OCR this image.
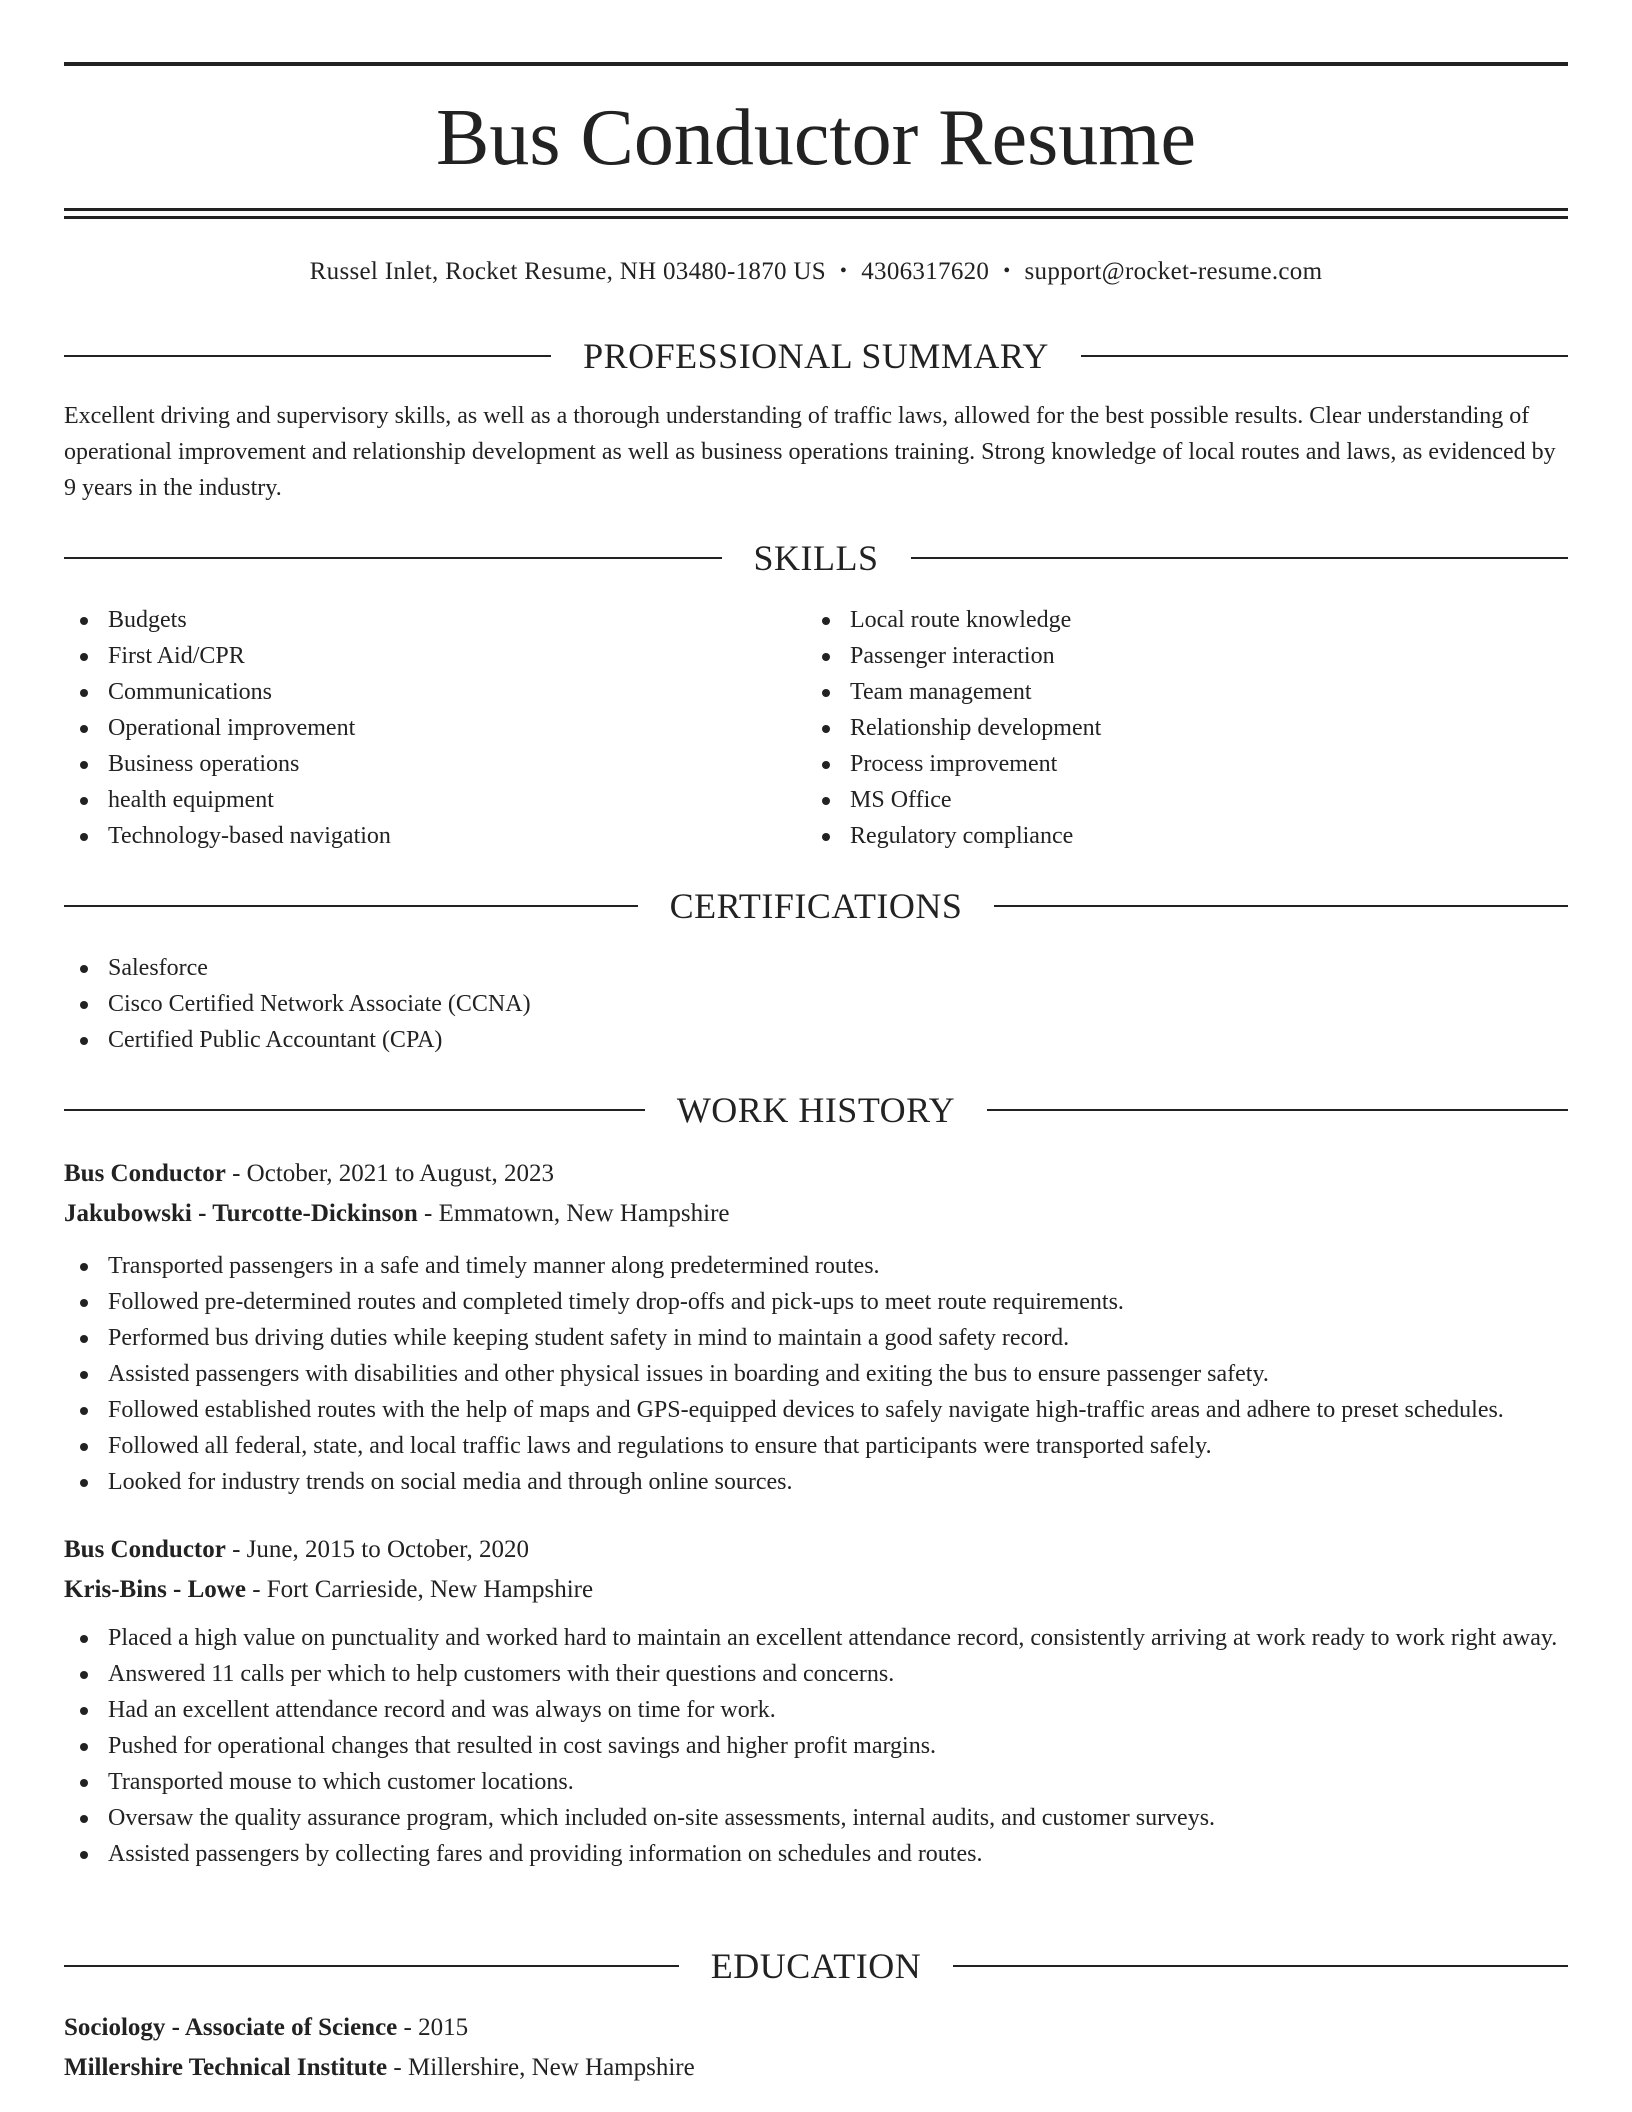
Bus Conductor Resume
Russel Inlet, Rocket Resume, NH 03480-1870 US • 4306317620 • support@rocket-resume.com
PROFESSIONAL SUMMARY

Excellent driving and supervisory skills, as well as a thorough understanding of traffic laws, allowed for the best possible results. Clear understanding of operational improvement and relationship development as well as business operations training. Strong knowledge of local routes and laws, as evidenced by 9 years in the industry.

SKILLS
Budgets
First Aid/CPR
Communications
Operational improvement
Business operations
health equipment
Technology-based navigation
Local route knowledge
Passenger interaction
Team management
Relationship development
Process improvement
MS Office
Regulatory compliance
CERTIFICATIONS
Salesforce
Cisco Certified Network Associate (CCNA)
Certified Public Accountant (CPA)
WORK HISTORY
Bus Conductor - October, 2021 to August, 2023
Jakubowski - Turcotte-Dickinson - Emmatown, New Hampshire
Transported passengers in a safe and timely manner along predetermined routes.
Followed pre-determined routes and completed timely drop-offs and pick-ups to meet route requirements.
Performed bus driving duties while keeping student safety in mind to maintain a good safety record.
Assisted passengers with disabilities and other physical issues in boarding and exiting the bus to ensure passenger safety.
Followed established routes with the help of maps and GPS-equipped devices to safely navigate high-traffic areas and adhere to preset schedules.
Followed all federal, state, and local traffic laws and regulations to ensure that participants were transported safely.
Looked for industry trends on social media and through online sources.
Bus Conductor - June, 2015 to October, 2020
Kris-Bins - Lowe - Fort Carrieside, New Hampshire
Placed a high value on punctuality and worked hard to maintain an excellent attendance record, consistently arriving at work ready to work right away.
Answered 11 calls per which to help customers with their questions and concerns.
Had an excellent attendance record and was always on time for work.
Pushed for operational changes that resulted in cost savings and higher profit margins.
Transported mouse to which customer locations.
Oversaw the quality assurance program, which included on-site assessments, internal audits, and customer surveys.
Assisted passengers by collecting fares and providing information on schedules and routes.
EDUCATION
Sociology - Associate of Science - 2015
Millershire Technical Institute - Millershire, New Hampshire
